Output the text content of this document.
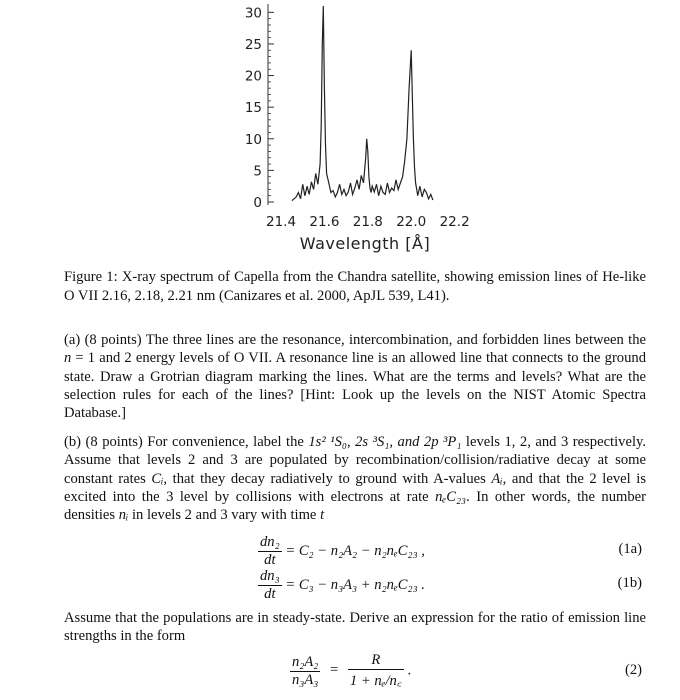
0
5
10
15
20
25
30
21.4 21.6 21.8 22.0 22.2
Wavelength [Å]
Figure 1: X-ray spectrum of Capella from the Chandra satellite, showing emission lines of He-like O VII 2.16, 2.18, 2.21 nm (Canizares et al. 2000, ApJL 539, L41).

(a) (8 points) The three lines are the resonance, intercombination, and forbidden lines between the n = 1 and 2 energy levels of O VII. A resonance line is an allowed line that connects to the ground state. Draw a Grotrian diagram marking the lines. What are the terms and levels? What are the selection rules for each of the lines? [Hint: Look up the levels on the NIST Atomic Spectra Database.]

(b) (8 points) For convenience, label the 1s² ¹S₀, 2s ³S₁, and 2p ³P₁ levels 1, 2, and 3 respectively. Assume that levels 2 and 3 are populated by recombination/collision/radiative decay at some constant rates Cᵢ, that they decay radiatively to ground with A-values Aᵢ, and that the 2 level is excited into the 3 level by collisions with electrons at rate nₑC₂₃. In other words, the number densities nᵢ in levels 2 and 3 vary with time t

$\frac{\text{dn₂}}{dt} = C_2 - n_2A_2 - n_2n_eC_{23}$ ,	(1a)
$\frac{\text{dn₃}}{dt} = C_3 - n_3A_3 + n_2n_eC_{23}$ .	(1b)
Assume that the populations are in steady-state. Derive an expression for the ratio of emission line strengths in the form
$\frac{\text{n₂A₂}}{\text{n₃A₃}} = \frac{R}{\text{1 + nₑ/n꜀}}$ .	(2)
